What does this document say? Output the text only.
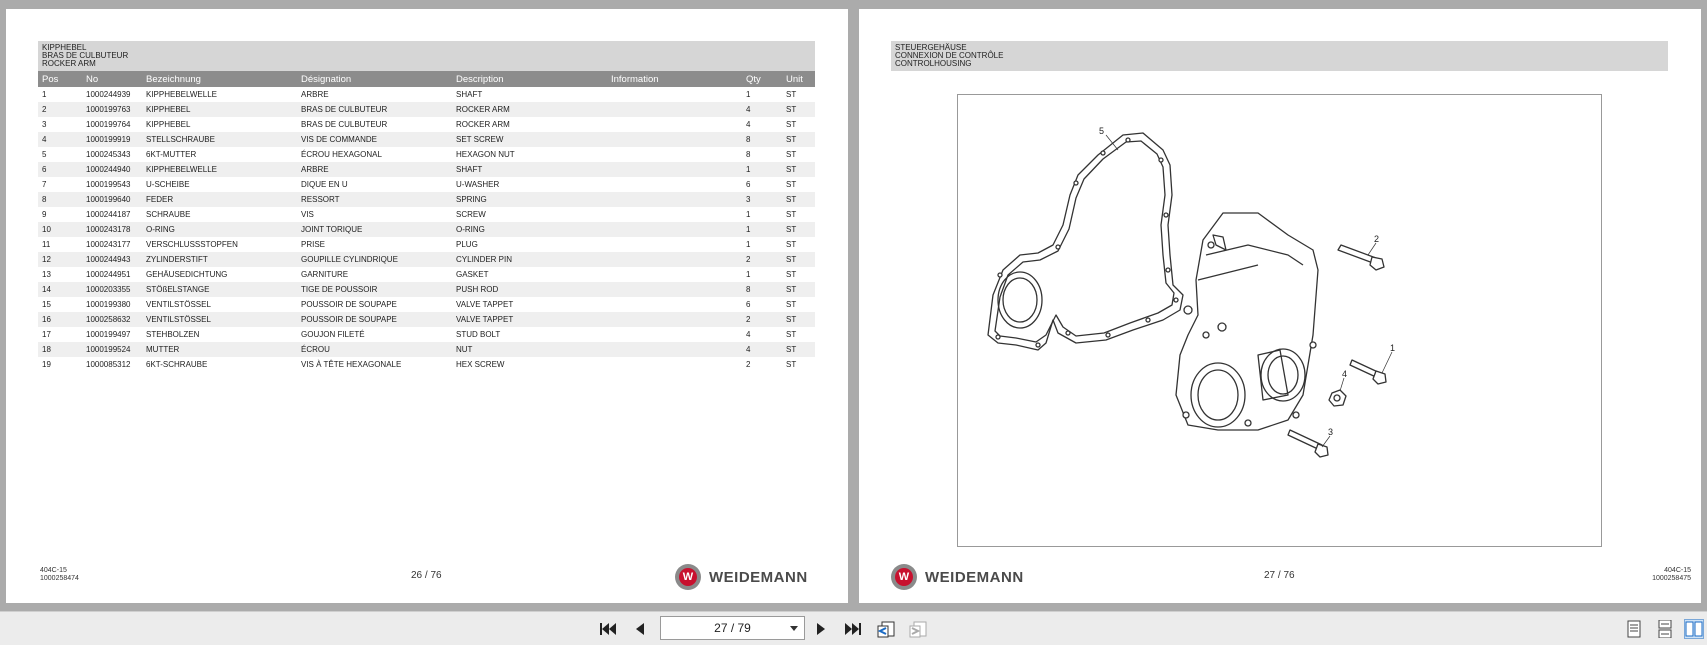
KIPPHEBEL
BRAS DE CULBUTEUR
ROCKER ARM
Pos	No	Bezeichnung	Désignation	Description	Information	Qty	Unit
1	1000244939	KIPPHEBELWELLE	ARBRE	SHAFT		1	ST
2	1000199763	KIPPHEBEL	BRAS DE CULBUTEUR	ROCKER ARM		4	ST
3	1000199764	KIPPHEBEL	BRAS DE CULBUTEUR	ROCKER ARM		4	ST
4	1000199919	STELLSCHRAUBE	VIS DE COMMANDE	SET SCREW		8	ST
5	1000245343	6KT-MUTTER	ÉCROU HEXAGONAL	HEXAGON NUT		8	ST
6	1000244940	KIPPHEBELWELLE	ARBRE	SHAFT		1	ST
7	1000199543	U-SCHEIBE	DIQUE EN U	U-WASHER		6	ST
8	1000199640	FEDER	RESSORT	SPRING		3	ST
9	1000244187	SCHRAUBE	VIS	SCREW		1	ST
10	1000243178	O-RING	JOINT TORIQUE	O-RING		1	ST
11	1000243177	VERSCHLUSSSTOPFEN	PRISE	PLUG		1	ST
12	1000244943	ZYLINDERSTIFT	GOUPILLE CYLINDRIQUE	CYLINDER PIN		2	ST
13	1000244951	GEHÄUSEDICHTUNG	GARNITURE	GASKET		1	ST
14	1000203355	STÖßELSTANGE	TIGE DE POUSSOIR	PUSH ROD		8	ST
15	1000199380	VENTILSTÖSSEL	POUSSOIR DE SOUPAPE	VALVE TAPPET		6	ST
16	1000258632	VENTILSTÖSSEL	POUSSOIR DE SOUPAPE	VALVE TAPPET		2	ST
17	1000199497	STEHBOLZEN	GOUJON FILETÉ	STUD BOLT		4	ST
18	1000199524	MUTTER	ÉCROU	NUT		4	ST
19	1000085312	6KT-SCHRAUBE	VIS À TÊTE HEXAGONALE	HEX SCREW		2	ST
404C-15
1000258474	26 / 76	W WEIDEMANN
STEUERGEHÄUSE
CONNEXION DE CONTRÔLE
CONTROLHOUSING
5
2
1
4
3
W WEIDEMANN	27 / 76	404C-15
1000258475
27 / 79
